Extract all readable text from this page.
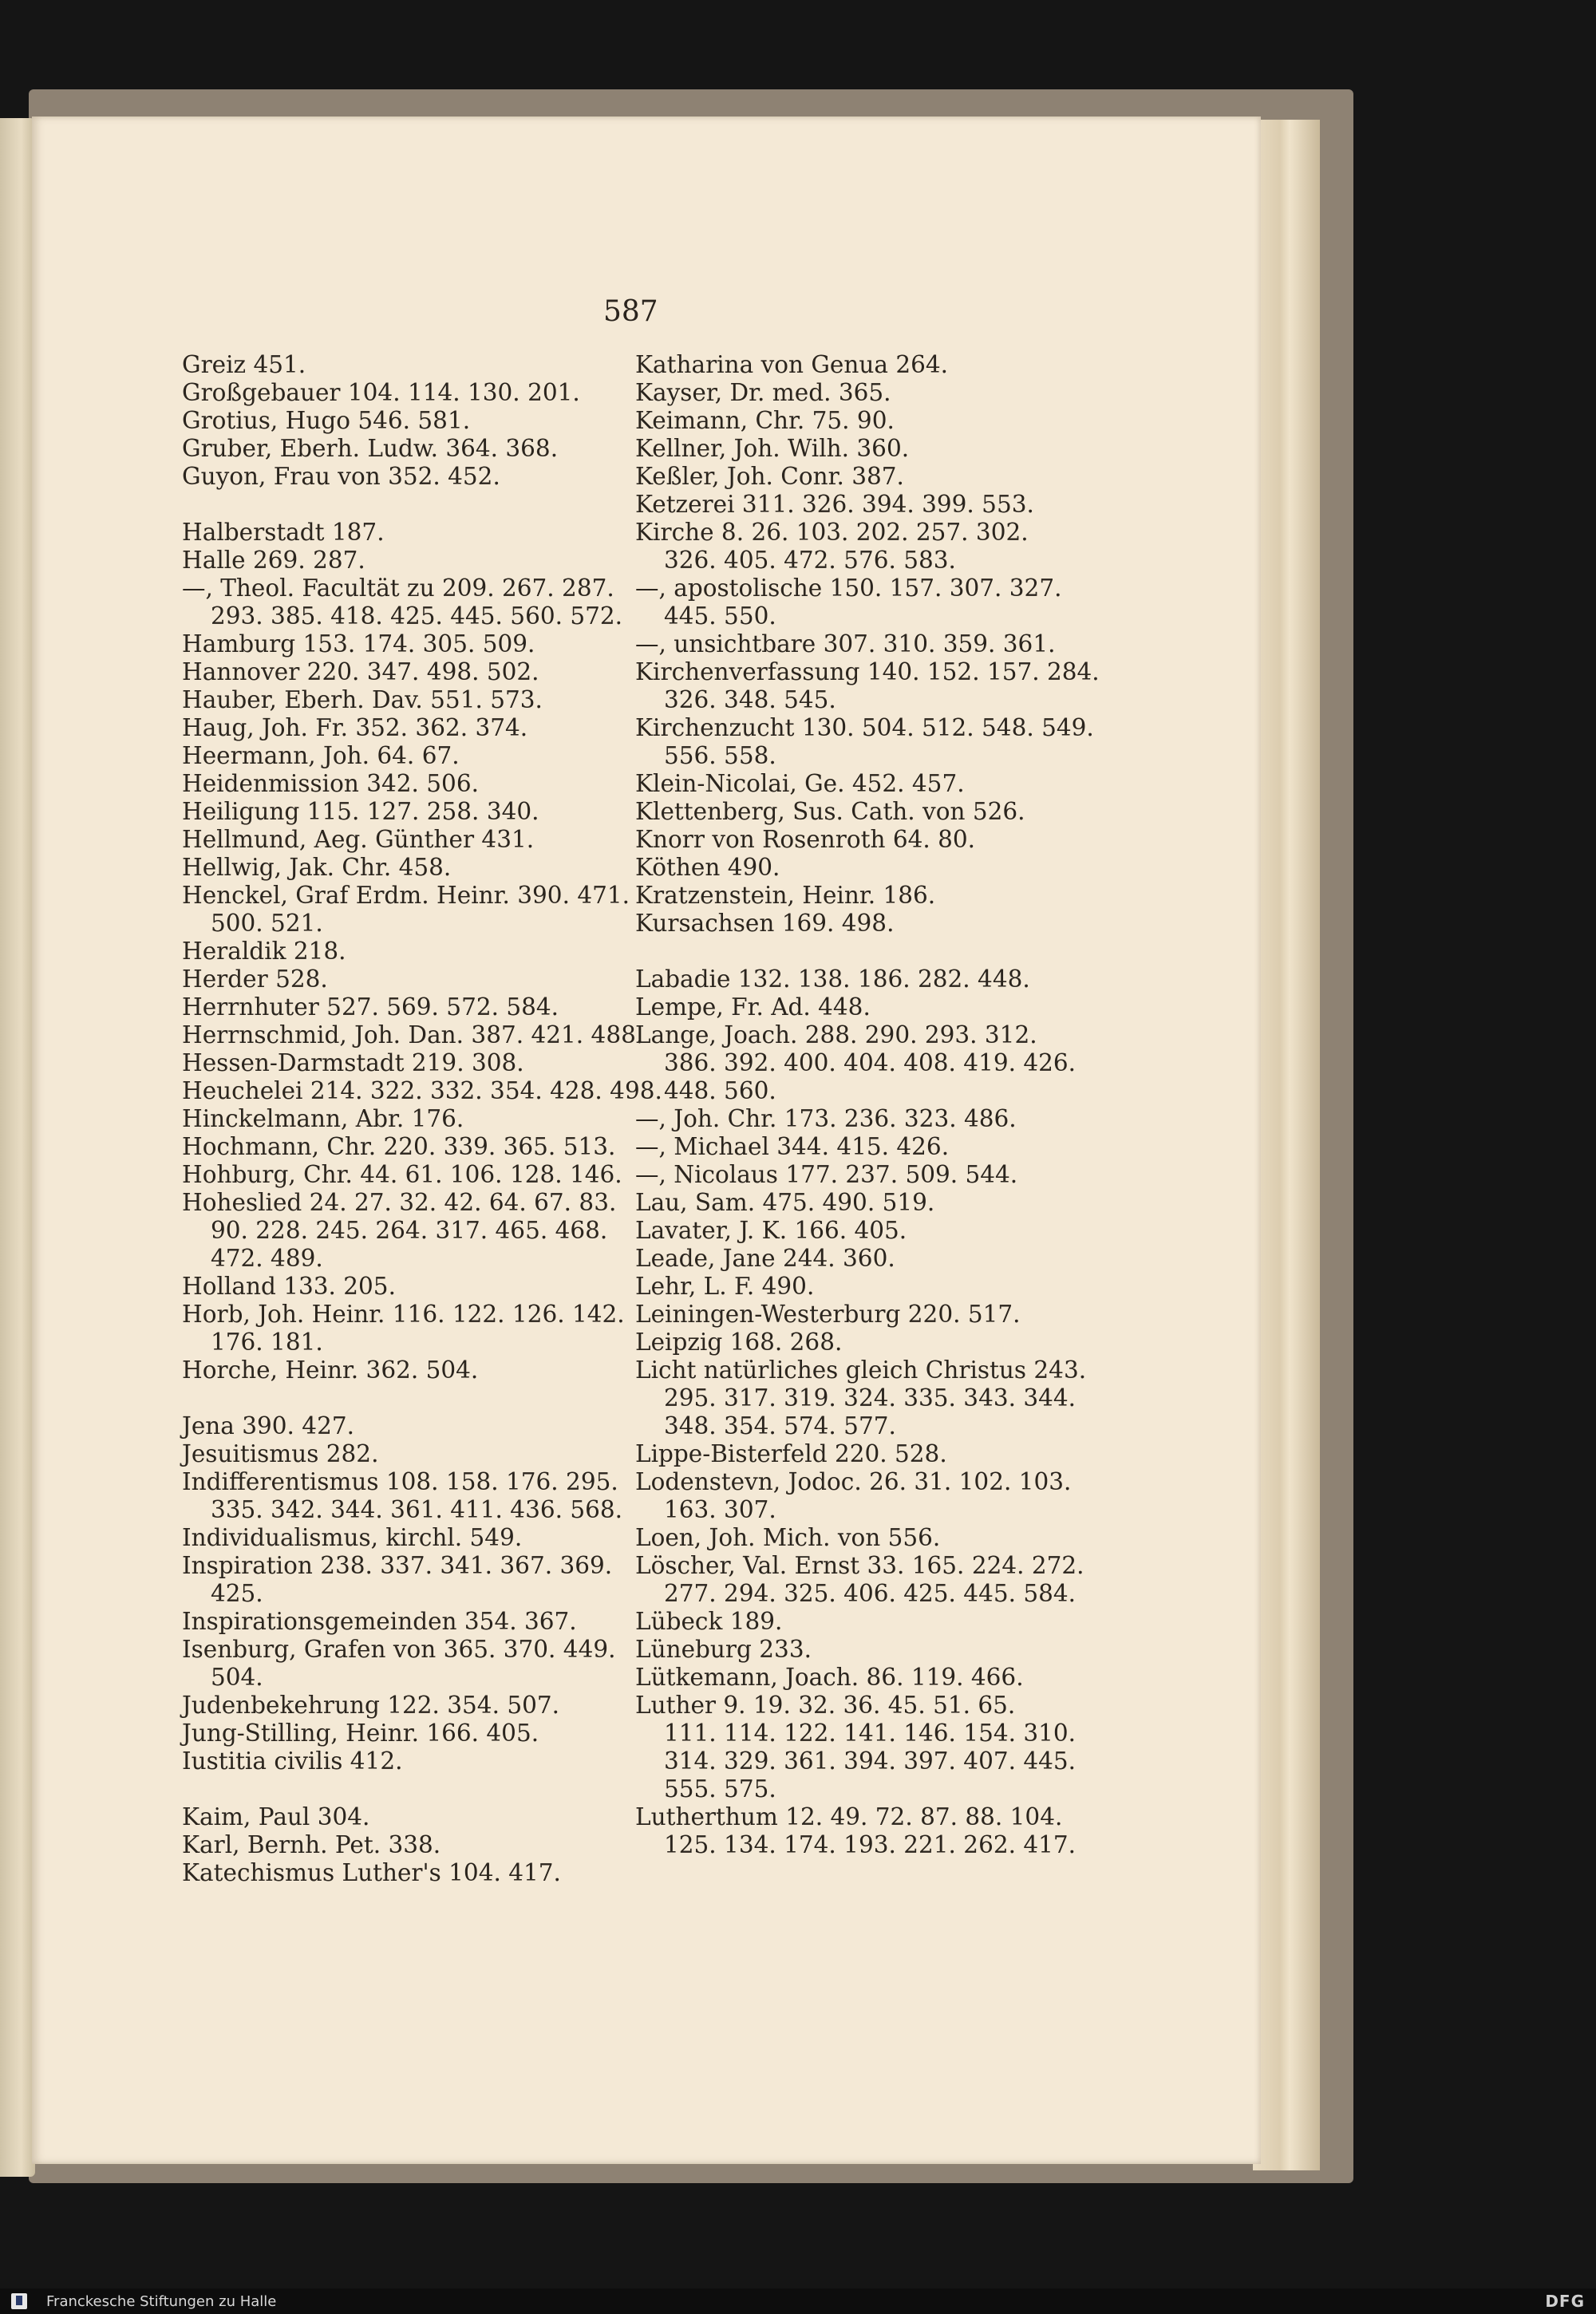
587
Greiz 451.
Großgebauer 104. 114. 130. 201.
Grotius, Hugo 546. 581.
Gruber, Eberh. Ludw. 364. 368.
Guyon, Frau von 352. 452.
Halberstadt 187.
Halle 269. 287.
—, Theol. Facultät zu 209. 267. 287.
293. 385. 418. 425. 445. 560. 572.
Hamburg 153. 174. 305. 509.
Hannover 220. 347. 498. 502.
Hauber, Eberh. Dav. 551. 573.
Haug, Joh. Fr. 352. 362. 374.
Heermann, Joh. 64. 67.
Heidenmission 342. 506.
Heiligung 115. 127. 258. 340.
Hellmund, Aeg. Günther 431.
Hellwig, Jak. Chr. 458.
Henckel, Graf Erdm. Heinr. 390. 471.
500. 521.
Heraldik 218.
Herder 528.
Herrnhuter 527. 569. 572. 584.
Herrnschmid, Joh. Dan. 387. 421. 488.
Hessen-Darmstadt 219. 308.
Heuchelei 214. 322. 332. 354. 428. 498.
Hinckelmann, Abr. 176.
Hochmann, Chr. 220. 339. 365. 513.
Hohburg, Chr. 44. 61. 106. 128. 146.
Hoheslied 24. 27. 32. 42. 64. 67. 83.
90. 228. 245. 264. 317. 465. 468.
472. 489.
Holland 133. 205.
Horb, Joh. Heinr. 116. 122. 126. 142.
176. 181.
Horche, Heinr. 362. 504.
Jena 390. 427.
Jesuitismus 282.
Indifferentismus 108. 158. 176. 295.
335. 342. 344. 361. 411. 436. 568.
Individualismus, kirchl. 549.
Inspiration 238. 337. 341. 367. 369.
425.
Inspirationsgemeinden 354. 367.
Isenburg, Grafen von 365. 370. 449.
504.
Judenbekehrung 122. 354. 507.
Jung-Stilling, Heinr. 166. 405.
Iustitia civilis 412.
Kaim, Paul 304.
Karl, Bernh. Pet. 338.
Katechismus Luther's 104. 417.
Katharina von Genua 264.
Kayser, Dr. med. 365.
Keimann, Chr. 75. 90.
Kellner, Joh. Wilh. 360.
Keßler, Joh. Conr. 387.
Ketzerei 311. 326. 394. 399. 553.
Kirche 8. 26. 103. 202. 257. 302.
326. 405. 472. 576. 583.
—, apostolische 150. 157. 307. 327.
445. 550.
—, unsichtbare 307. 310. 359. 361.
Kirchenverfassung 140. 152. 157. 284.
326. 348. 545.
Kirchenzucht 130. 504. 512. 548. 549.
556. 558.
Klein-Nicolai, Ge. 452. 457.
Klettenberg, Sus. Cath. von 526.
Knorr von Rosenroth 64. 80.
Köthen 490.
Kratzenstein, Heinr. 186.
Kursachsen 169. 498.
Labadie 132. 138. 186. 282. 448.
Lempe, Fr. Ad. 448.
Lange, Joach. 288. 290. 293. 312.
386. 392. 400. 404. 408. 419. 426.
448. 560.
—, Joh. Chr. 173. 236. 323. 486.
—, Michael 344. 415. 426.
—, Nicolaus 177. 237. 509. 544.
Lau, Sam. 475. 490. 519.
Lavater, J. K. 166. 405.
Leade, Jane 244. 360.
Lehr, L. F. 490.
Leiningen-Westerburg 220. 517.
Leipzig 168. 268.
Licht natürliches gleich Christus 243.
295. 317. 319. 324. 335. 343. 344.
348. 354. 574. 577.
Lippe-Bisterfeld 220. 528.
Lodenstevn, Jodoc. 26. 31. 102. 103.
163. 307.
Loen, Joh. Mich. von 556.
Löscher, Val. Ernst 33. 165. 224. 272.
277. 294. 325. 406. 425. 445. 584.
Lübeck 189.
Lüneburg 233.
Lütkemann, Joach. 86. 119. 466.
Luther 9. 19. 32. 36. 45. 51. 65.
111. 114. 122. 141. 146. 154. 310.
314. 329. 361. 394. 397. 407. 445.
555. 575.
Lutherthum 12. 49. 72. 87. 88. 104.
125. 134. 174. 193. 221. 262. 417.
Franckesche Stiftungen zu Halle	DFG
